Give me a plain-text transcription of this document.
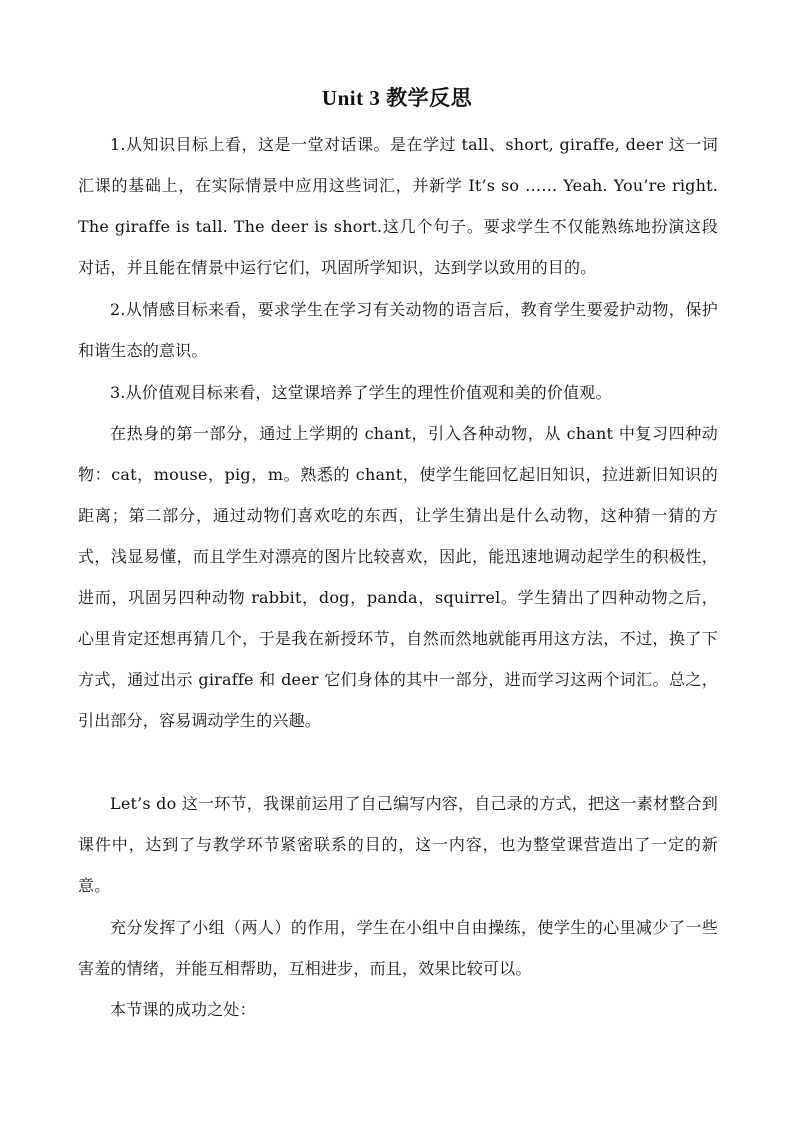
Unit 3 教学反思

1.从知识目标上看，这是一堂对话课。是在学过 tall、short, giraffe, deer 这一词汇课的基础上，在实际情景中应用这些词汇，并新学 It’s so …… Yeah. You’re right. The giraffe is tall. The deer is short.这几个句子。要求学生不仅能熟练地扮演这段对话，并且能在情景中运行它们，巩固所学知识，达到学以致用的目的。

2.从情感目标来看，要求学生在学习有关动物的语言后，教育学生要爱护动物，保护和谐生态的意识。

3.从价值观目标来看，这堂课培养了学生的理性价值观和美的价值观。

在热身的第一部分，通过上学期的 chant，引入各种动物，从 chant 中复习四种动物：cat，mouse，pig，m。熟悉的 chant，使学生能回忆起旧知识，拉进新旧知识的距离；第二部分，通过动物们喜欢吃的东西，让学生猜出是什么动物，这种猜一猜的方式，浅显易懂，而且学生对漂亮的图片比较喜欢，因此，能迅速地调动起学生的积极性，进而，巩固另四种动物 rabbit，dog，panda，squirrel。学生猜出了四种动物之后，心里肯定还想再猜几个，于是我在新授环节，自然而然地就能再用这方法，不过，换了下方式，通过出示 giraffe 和 deer 它们身体的其中一部分，进而学习这两个词汇。总之，引出部分，容易调动学生的兴趣。

Let’s do 这一环节，我课前运用了自己编写内容，自己录的方式，把这一素材整合到课件中，达到了与教学环节紧密联系的目的，这一内容，也为整堂课营造出了一定的新意。

充分发挥了小组（两人）的作用，学生在小组中自由操练，使学生的心里减少了一些害羞的情绪，并能互相帮助，互相进步，而且，效果比较可以。

本节课的成功之处：
